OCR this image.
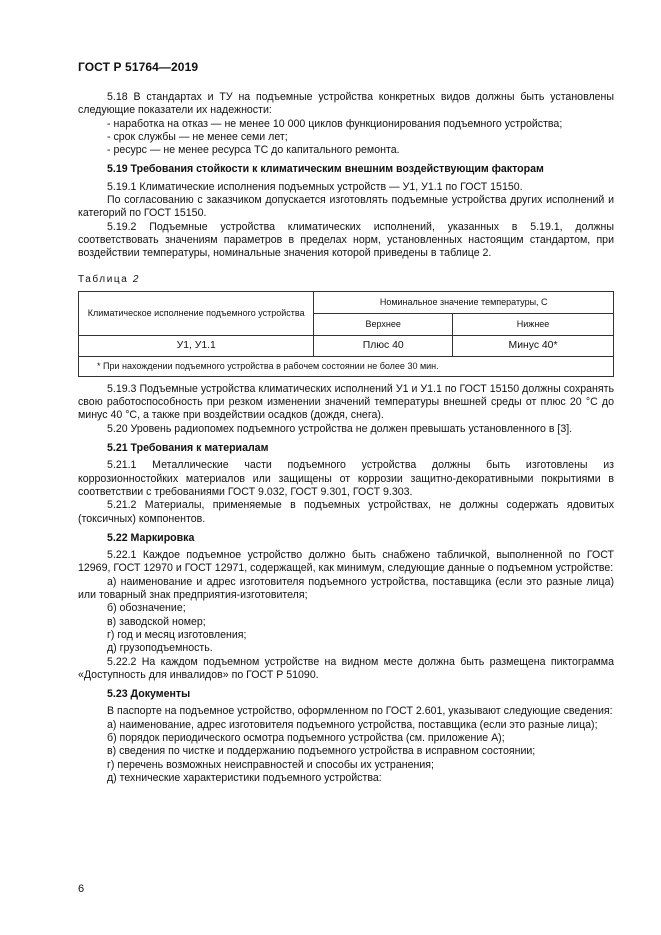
ГОСТ Р 51764—2019

5.18 В стандартах и ТУ на подъемные устройства конкретных видов должны быть установлены следующие показатели их надежности:

- наработка на отказ — не менее 10 000 циклов функционирования подъемного устройства;

- срок службы — не менее семи лет;

- ресурс — не менее ресурса ТС до капитального ремонта.

5.19 Требования стойкости к климатическим внешним воздействующим факторам

5.19.1 Климатические исполнения подъемных устройств — У1, У1.1 по ГОСТ 15150.

По согласованию с заказчиком допускается изготовлять подъемные устройства других исполнений и категорий по ГОСТ 15150.

5.19.2 Подъемные устройства климатических исполнений, указанных в 5.19.1, должны соответствовать значениям параметров в пределах норм, установленных настоящим стандартом, при воздействии температуры, номинальные значения которой приведены в таблице 2.

Таблица 2

Климатическое исполнение подъемного устройства	Номинальное значение температуры, С	
	Верхнее	Нижнее
У1, У1.1	Плюс 40	Минус 40*
* При нахождении подъемного устройства в рабочем состоянии не более 30 мин.		

5.19.3 Подъемные устройства климатических исполнений У1 и У1.1 по ГОСТ 15150 должны сохранять свою работоспособность при резком изменении значений температуры внешней среды от плюс 20 °С до минус 40 °С, а также при воздействии осадков (дождя, снега).

5.20 Уровень радиопомех подъемного устройства не должен превышать установленного в [3].

5.21 Требования к материалам

5.21.1 Металлические части подъемного устройства должны быть изготовлены из коррозионностойких материалов или защищены от коррозии защитно-декоративными покрытиями в соответствии с требованиями ГОСТ 9.032, ГОСТ 9.301, ГОСТ 9.303.

5.21.2 Материалы, применяемые в подъемных устройствах, не должны содержать ядовитых (токсичных) компонентов.

5.22 Маркировка

5.22.1 Каждое подъемное устройство должно быть снабжено табличкой, выполненной по ГОСТ 12969, ГОСТ 12970 и ГОСТ 12971, содержащей, как минимум, следующие данные о подъемном устройстве:

а) наименование и адрес изготовителя подъемного устройства, поставщика (если это разные лица) или товарный знак предприятия-изготовителя;

б) обозначение;

в) заводской номер;

г) год и месяц изготовления;

д) грузоподъемность.

5.22.2 На каждом подъемном устройстве на видном месте должна быть размещена пиктограмма «Доступность для инвалидов» по ГОСТ Р 51090.

5.23 Документы

В паспорте на подъемное устройство, оформленном по ГОСТ 2.601, указывают следующие сведения:

а) наименование, адрес изготовителя подъемного устройства, поставщика (если это разные лица);

б) порядок периодического осмотра подъемного устройства (см. приложение А);

в) сведения по чистке и поддержанию подъемного устройства в исправном состоянии;

г) перечень возможных неисправностей и способы их устранения;

д) технические характеристики подъемного устройства:

6
